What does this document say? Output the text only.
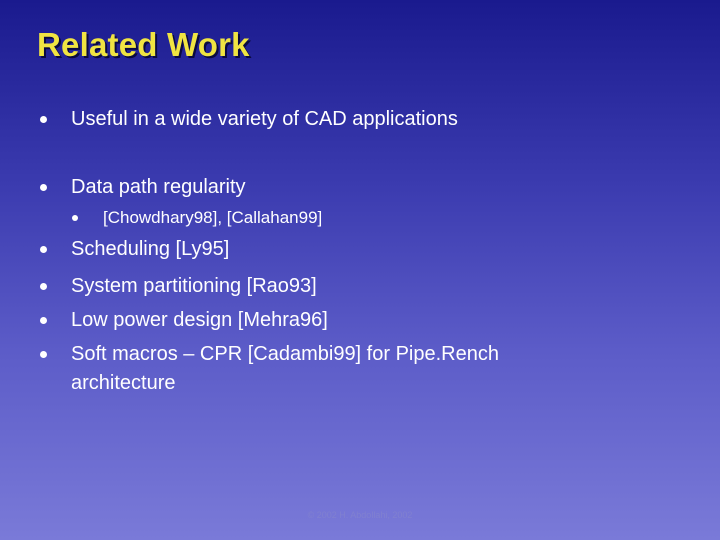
Related Work
Useful in a wide variety of CAD applications
Data path regularity
[Chowdhary98], [Callahan99]
Scheduling [Ly95]
System partitioning [Rao93]
Low power design [Mehra96]
Soft macros – CPR [Cadambi99] for Pipe.Rench
architecture
© 2002 H. Abdollahi, 2002
